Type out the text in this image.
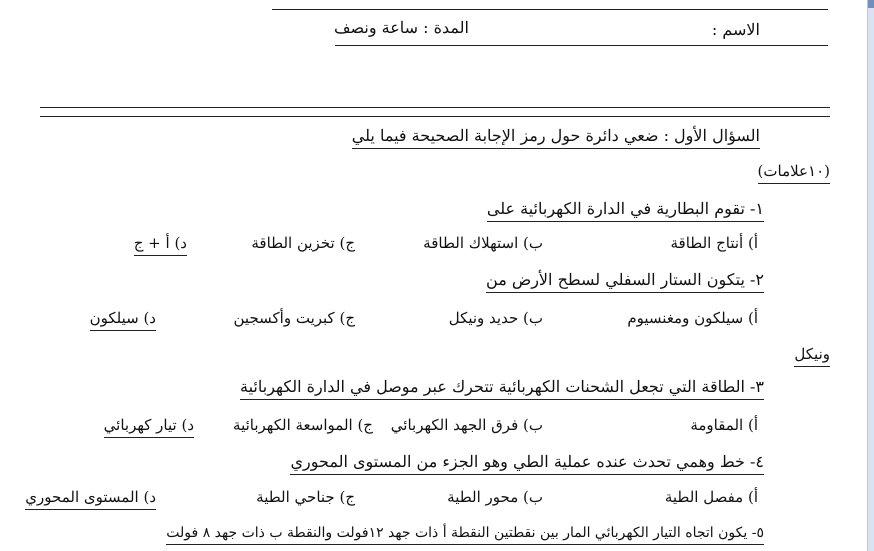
الاسم :
المدة : ساعة ونصف
السؤال الأول : ضعي دائرة حول رمز الإجابة الصحيحة فيما يلي
(١٠علامات)
١- تقوم البطارية في الدارة الكهربائية على
أ) أنتاج الطاقة
ب) استهلاك الطاقة
ج) تخزين الطاقة
د) أ + ج
٢- يتكون الستار السفلي لسطح الأرض من
أ) سيلكون ومغنسيوم
ب) حديد ونيكل
ج) كبريت وأكسجين
د) سيلكون
ونيكل
٣- الطاقة التي تجعل الشحنات الكهربائية تتحرك عبر موصل في الدارة الكهربائية
أ) المقاومة
ب) فرق الجهد الكهربائي
ج) المواسعة الكهربائية
د) تيار كهربائي
٤- خط وهمي تحدث عنده عملية الطي وهو الجزء من المستوى المحوري
أ) مفصل الطية
ب) محور الطية
ج) جناحي الطية
د) المستوى المحوري
٥- يكون اتجاه التيار الكهربائي المار بين نقطتين النقطة أ ذات جهد ١٢فولت والنقطة ب ذات جهد ٨ فولت
